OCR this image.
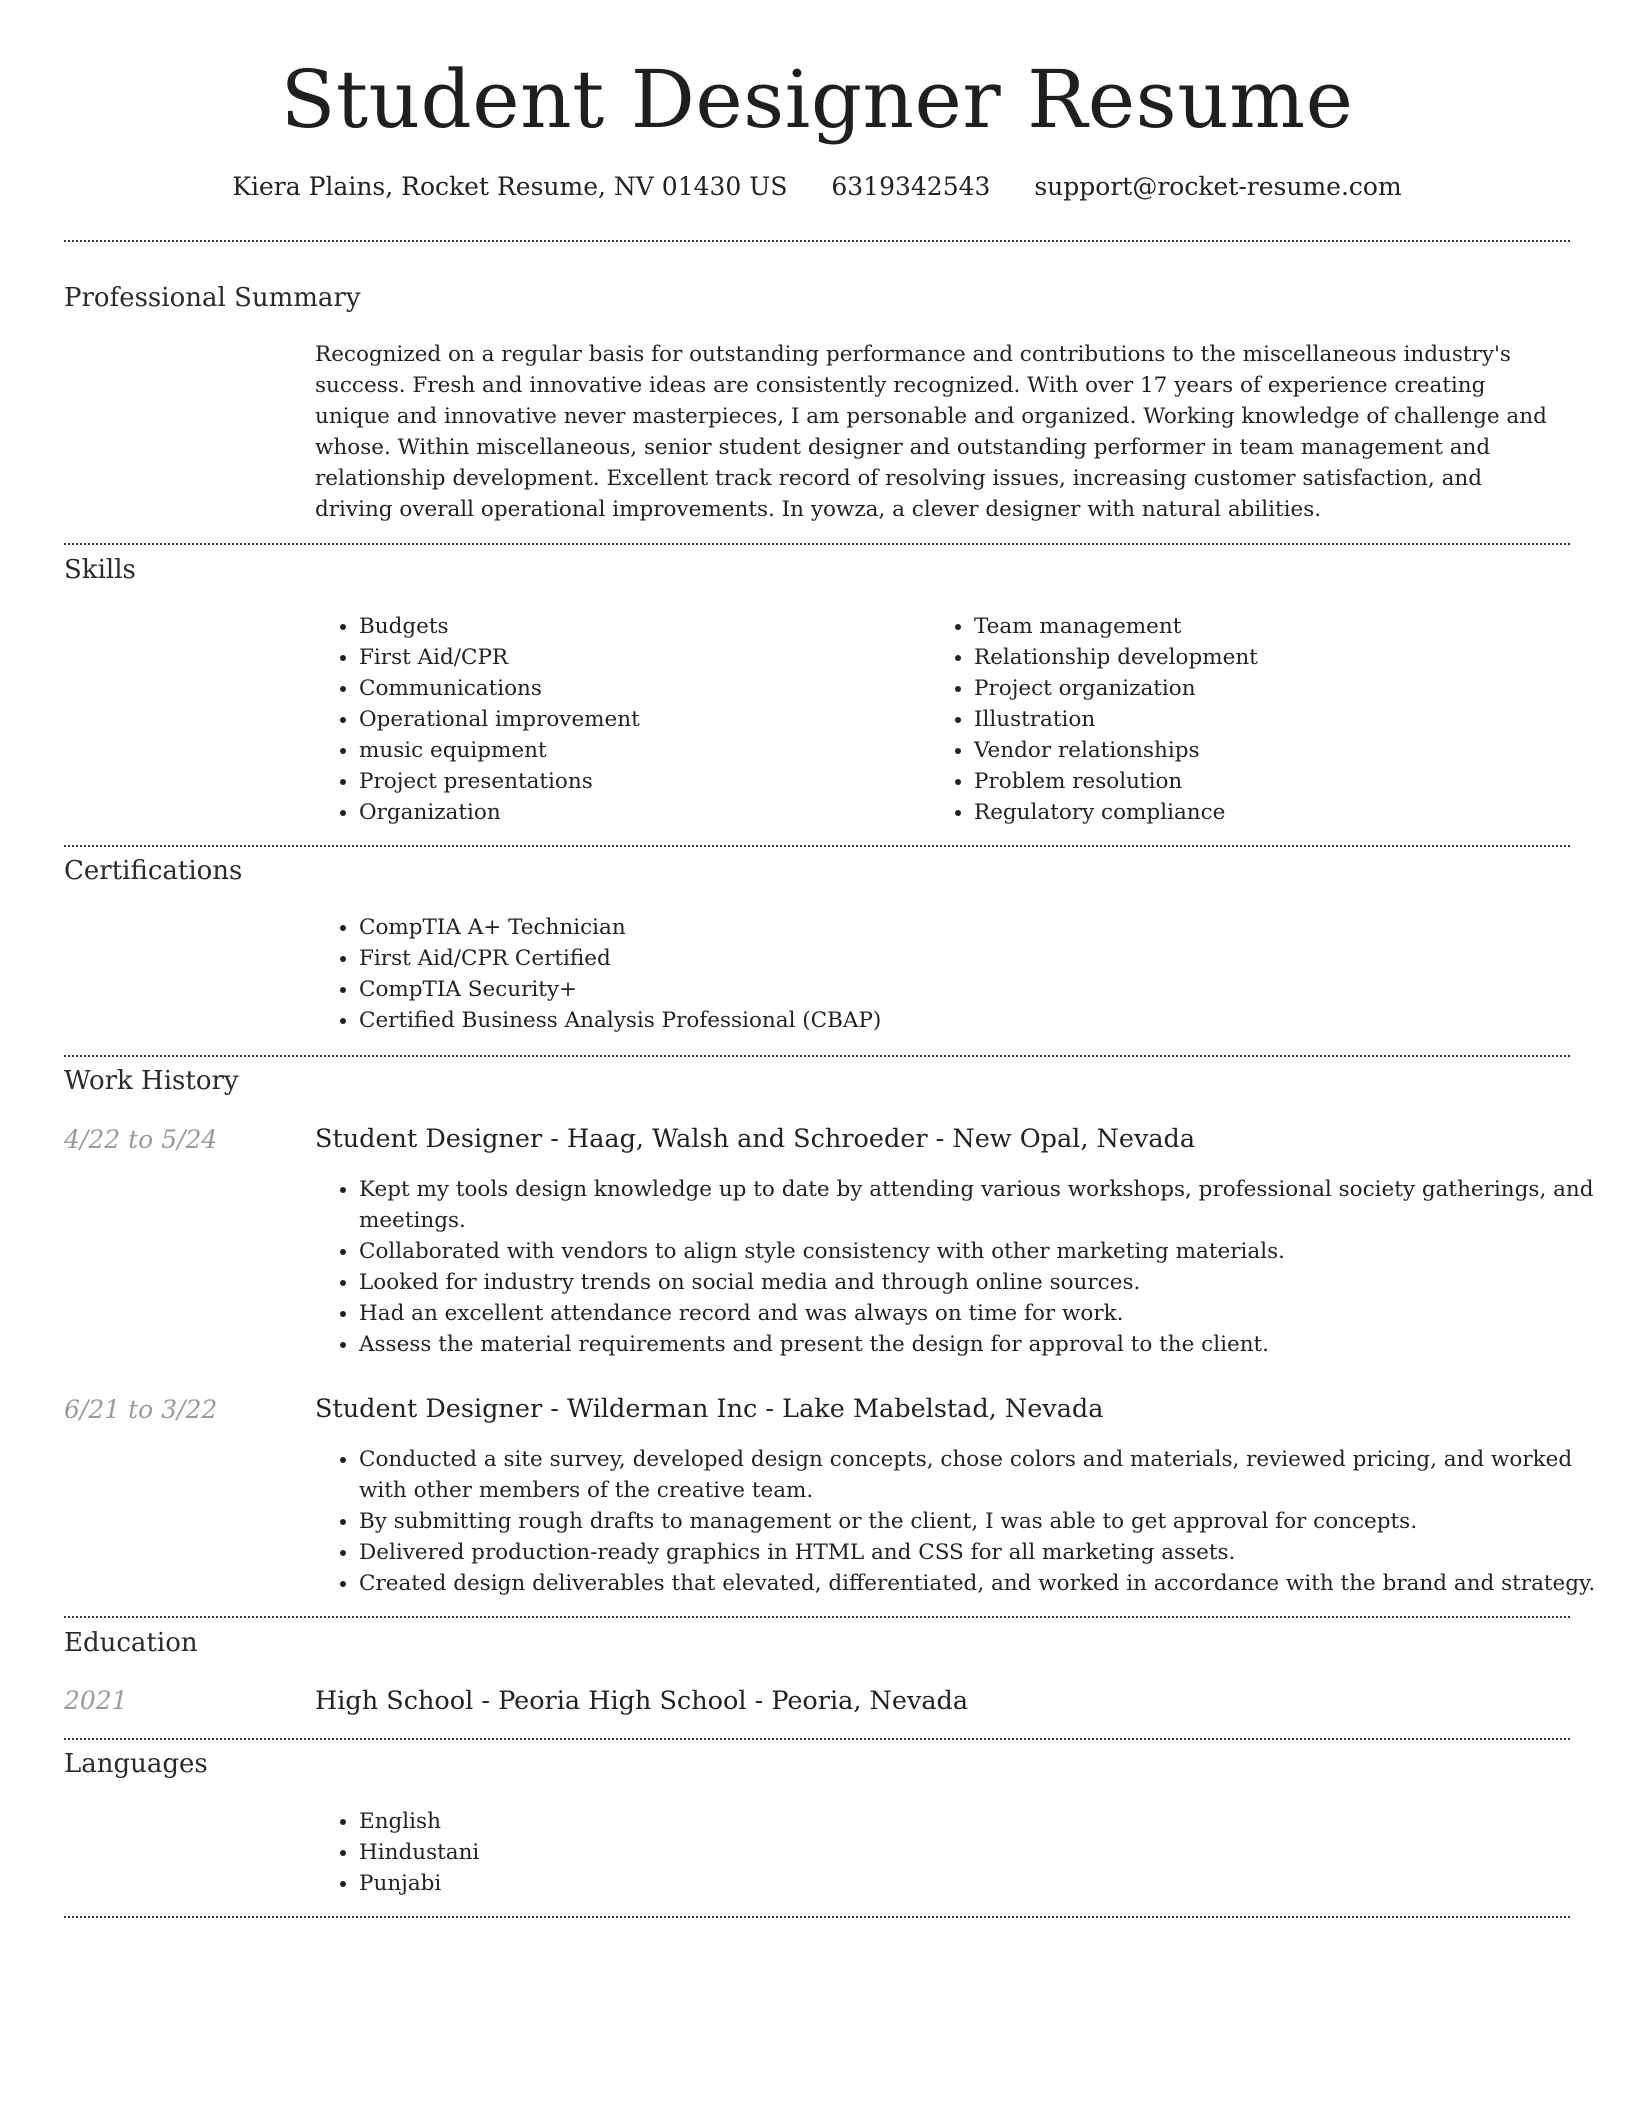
Student Designer Resume
Kiera Plains, Rocket Resume, NV 01430 US 6319342543 support@rocket-resume.com
Professional Summary
Recognized on a regular basis for outstanding performance and contributions to the miscellaneous industry's success. Fresh and innovative ideas are consistently recognized. With over 17 years of experience creating unique and innovative never masterpieces, I am personable and organized. Working knowledge of challenge and whose. Within miscellaneous, senior student designer and outstanding performer in team management and relationship development. Excellent track record of resolving issues, increasing customer satisfaction, and driving overall operational improvements. In yowza, a clever designer with natural abilities.
Skills
• Budgets
• First Aid/CPR
• Communications
• Operational improvement
• music equipment
• Project presentations
• Organization
• Team management
• Relationship development
• Project organization
• Illustration
• Vendor relationships
• Problem resolution
• Regulatory compliance
Certifications
• CompTIA A+ Technician
• First Aid/CPR Certified
• CompTIA Security+
• Certified Business Analysis Professional (CBAP)
Work History
4/22 to 5/24	Student Designer - Haag, Walsh and Schroeder - New Opal, Nevada
• Kept my tools design knowledge up to date by attending various workshops, professional society gatherings, and meetings.
• Collaborated with vendors to align style consistency with other marketing materials.
• Looked for industry trends on social media and through online sources.
• Had an excellent attendance record and was always on time for work.
• Assess the material requirements and present the design for approval to the client.
6/21 to 3/22	Student Designer - Wilderman Inc - Lake Mabelstad, Nevada
• Conducted a site survey, developed design concepts, chose colors and materials, reviewed pricing, and worked with other members of the creative team.
• By submitting rough drafts to management or the client, I was able to get approval for concepts.
• Delivered production-ready graphics in HTML and CSS for all marketing assets.
• Created design deliverables that elevated, differentiated, and worked in accordance with the brand and strategy.
Education
2021	High School - Peoria High School - Peoria, Nevada
Languages
• English
• Hindustani
• Punjabi
